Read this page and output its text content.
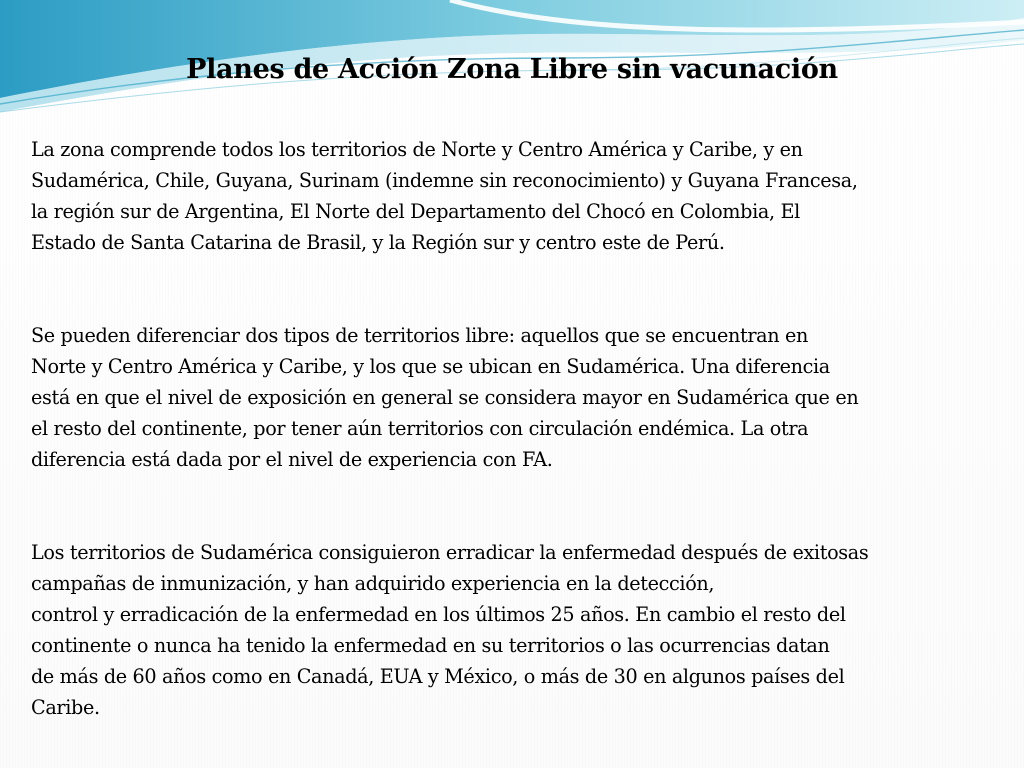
Planes de Acción Zona Libre sin vacunación

La zona comprende todos los territorios de Norte y Centro América y Caribe, y en
Sudamérica, Chile, Guyana, Surinam (indemne sin reconocimiento) y Guyana Francesa,
la región sur de Argentina, El Norte del Departamento del Chocó en Colombia, El
Estado de Santa Catarina de Brasil, y la Región sur y centro este de Perú.

Se pueden diferenciar dos tipos de territorios libre: aquellos que se encuentran en
Norte y Centro América y Caribe, y los que se ubican en Sudamérica. Una diferencia
está en que el nivel de exposición en general se considera mayor en Sudamérica que en
el resto del continente, por tener aún territorios con circulación endémica. La otra
diferencia está dada por el nivel de experiencia con FA.

Los territorios de Sudamérica consiguieron erradicar la enfermedad después de exitosas
campañas de inmunización, y han adquirido experiencia en la detección,
control y erradicación de la enfermedad en los últimos 25 años. En cambio el resto del
continente o nunca ha tenido la enfermedad en su territorios o las ocurrencias datan
de más de 60 años como en Canadá, EUA y México, o más de 30 en algunos países del
Caribe.
